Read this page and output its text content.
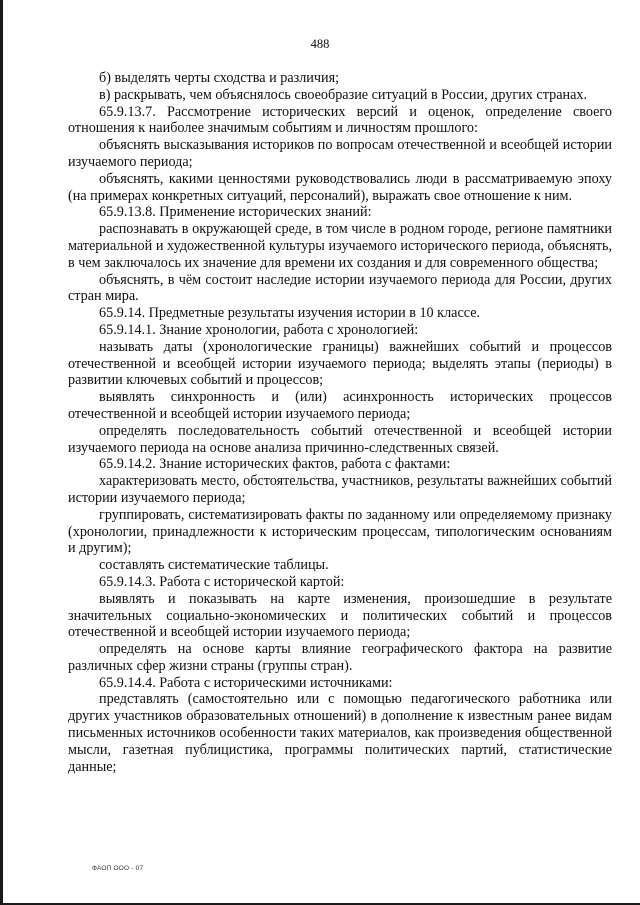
488

б) выделять черты сходства и различия;

в) раскрывать, чем объяснялось своеобразие ситуаций в России, других странах.

65.9.13.7. Рассмотрение исторических версий и оценок, определение своего отношения к наиболее значимым событиям и личностям прошлого:

объяснять высказывания историков по вопросам отечественной и всеобщей истории изучаемого периода;

объяснять, какими ценностями руководствовались люди в рассматриваемую эпоху (на примерах конкретных ситуаций, персоналий), выражать свое отношение к ним.

65.9.13.8. Применение исторических знаний:

распознавать в окружающей среде, в том числе в родном городе, регионе памятники материальной и художественной культуры изучаемого исторического периода, объяснять, в чем заключалось их значение для времени их создания и для современного общества;

объяснять, в чём состоит наследие истории изучаемого периода для России, других стран мира.

65.9.14. Предметные результаты изучения истории в 10 классе.

65.9.14.1. Знание хронологии, работа с хронологией:

называть даты (хронологические границы) важнейших событий и процессов отечественной и всеобщей истории изучаемого периода; выделять этапы (периоды) в развитии ключевых событий и процессов;

выявлять синхронность и (или) асинхронность исторических процессов отечественной и всеобщей истории изучаемого периода;

определять последовательность событий отечественной и всеобщей истории изучаемого периода на основе анализа причинно-следственных связей.

65.9.14.2. Знание исторических фактов, работа с фактами:

характеризовать место, обстоятельства, участников, результаты важнейших событий истории изучаемого периода;

группировать, систематизировать факты по заданному или определяемому признаку (хронологии, принадлежности к историческим процессам, типологическим основаниям и другим);

составлять систематические таблицы.

65.9.14.3. Работа с исторической картой:

выявлять и показывать на карте изменения, произошедшие в результате значительных социально-экономических и политических событий и процессов отечественной и всеобщей истории изучаемого периода;

определять на основе карты влияние географического фактора на развитие различных сфер жизни страны (группы стран).

65.9.14.4. Работа с историческими источниками:

представлять (самостоятельно или с помощью педагогического работника или других участников образовательных отношений) в дополнение к известным ранее видам письменных источников особенности таких материалов, как произведения общественной мысли, газетная публицистика, программы политических партий, статистические данные;

ФАОП ООО - 07
